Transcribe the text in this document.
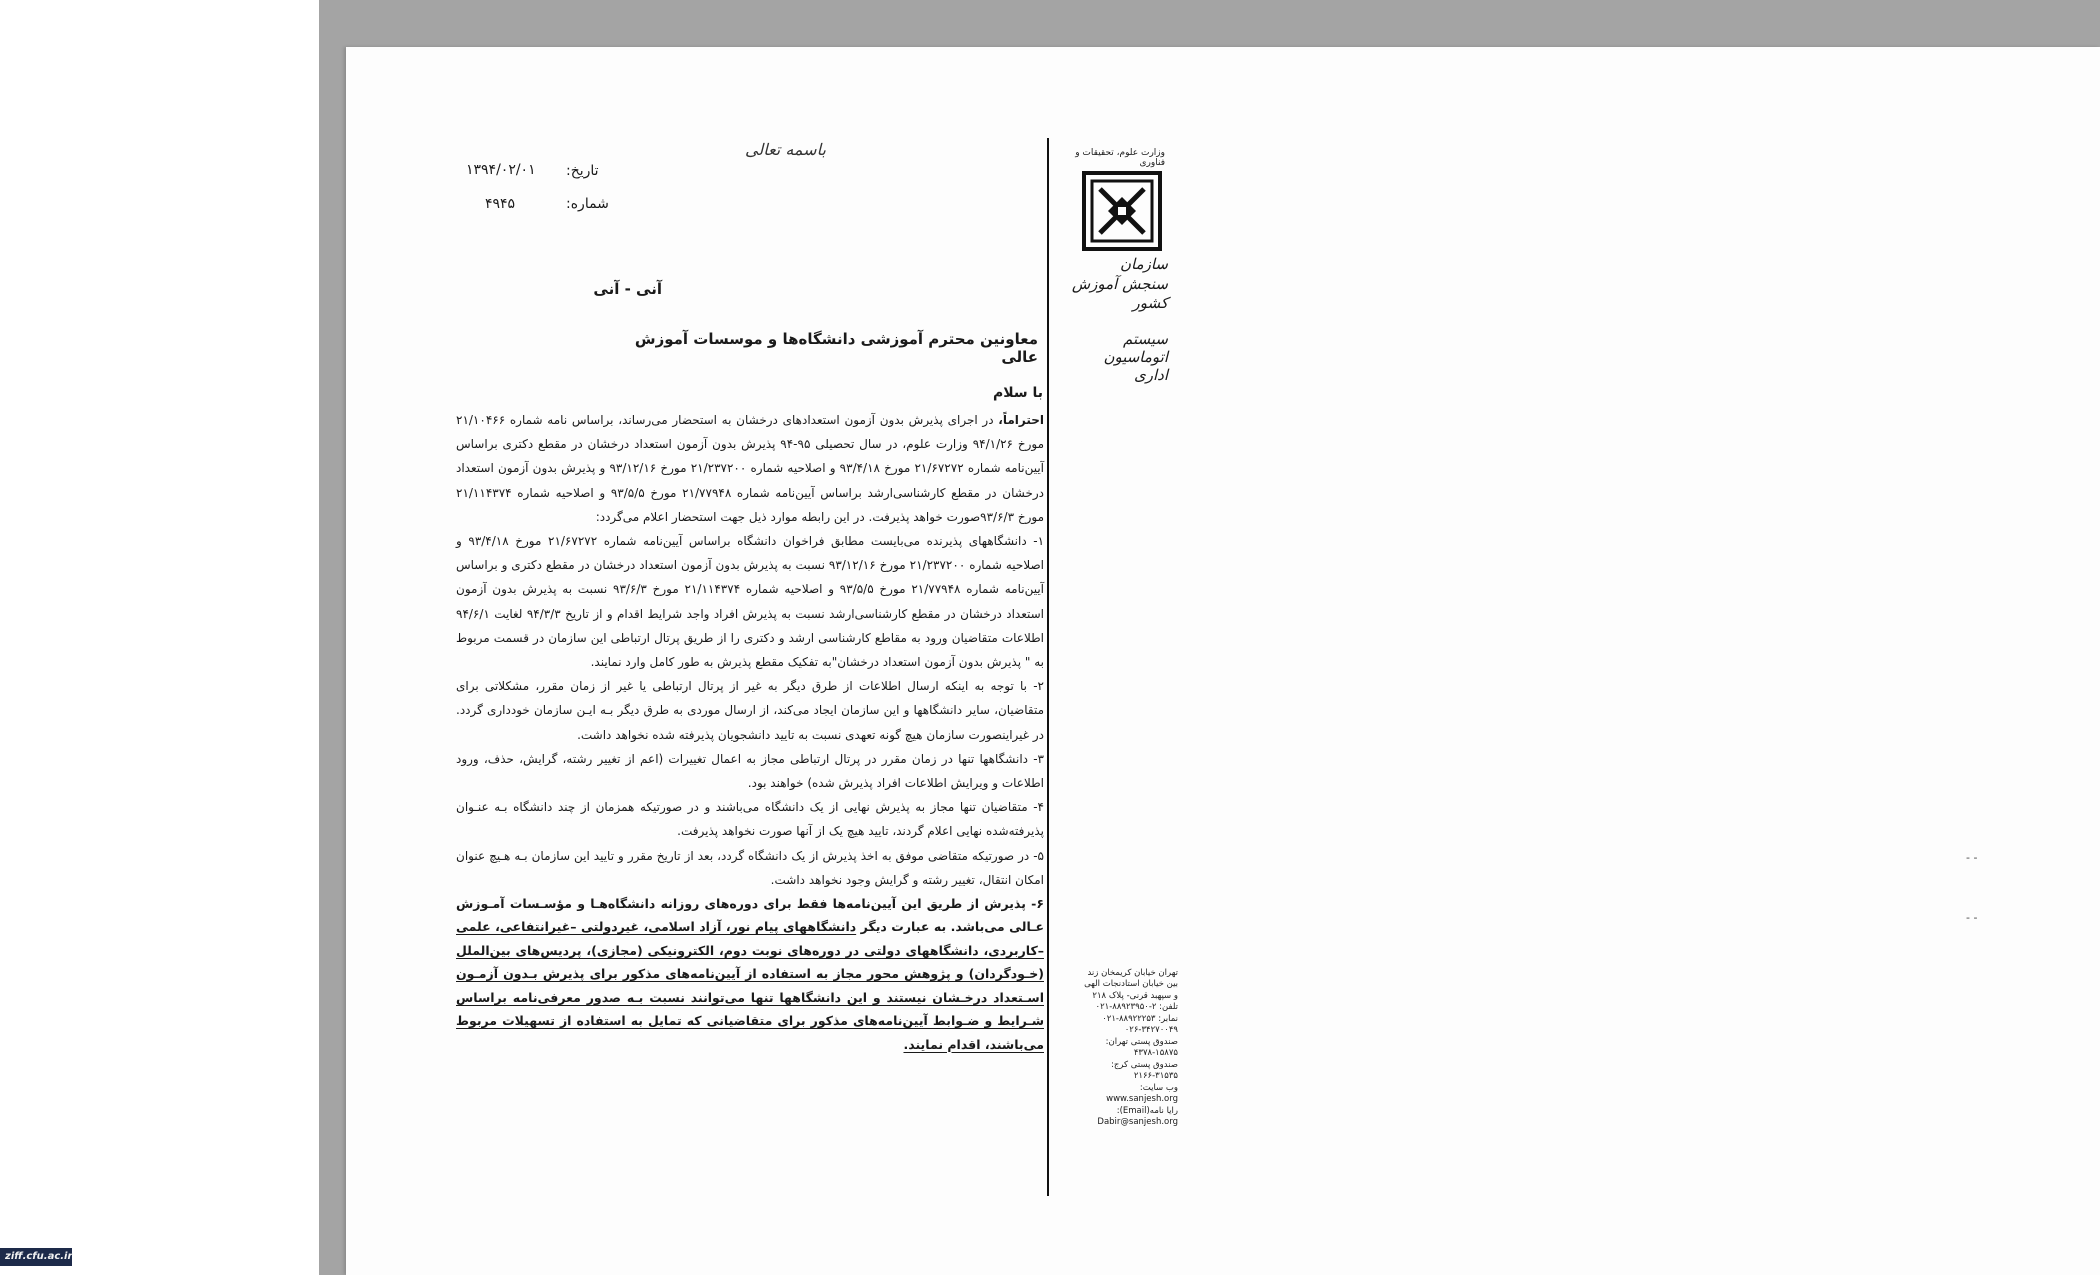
باسمه تعالی
تاریخ:
۱۳۹۴/۰۲/۰۱
شماره:
۴۹۴۵
وزارت علوم، تحقیقات و فناوری
سازمان سنجش آموزش کشور
سیستم اتوماسیون اداری

تهران خیابان کریمخان زند

بین خیابان استادنجات الهی

و سپهبد قرنی- پلاک ۲۱۸

تلفن: ۲-۸۸۹۲۳۹۵۰-۰۲۱

نمابر: ۸۸۹۲۲۲۵۳-۰۲۱

۰۲۶-۳۴۲۷۰۰۴۹

صندوق پستی تهران:

۴۳۷۸-۱۵۸۷۵

صندوق پستی کرج:

۲۱۶۶-۳۱۵۳۵

وب سایت:

www.sanjesh.org

رایا نامه(Email):

Dabir@sanjesh.org

آنی - آنی
معاونین محترم آموزشی دانشگاه‌ها و موسسات آموزش عالی
با سلام

احتراماً، در اجرای پذیرش بدون آزمون استعدادهای درخشان به استحضار می‌رساند، براساس نامه شماره ۲۱/۱۰۴۶۶ مورخ ۹۴/۱/۲۶ وزارت علوم، در سال تحصیلی ۹۵-۹۴ پذیرش بدون آزمون استعداد درخشان در مقطع دکتری براساس آیین‌نامه شماره ۲۱/۶۷۲۷۲ مورخ ۹۳/۴/۱۸ و اصلاحیه شماره ۲۱/۲۳۷۲۰۰ مورخ ۹۳/۱۲/۱۶ و پذیرش بدون آزمون استعداد درخشان در مقطع کارشناسی‌ارشد براساس آیین‌نامه شماره ۲۱/۷۷۹۴۸ مورخ ۹۳/۵/۵ و اصلاحیه شماره ۲۱/۱۱۴۳۷۴ مورخ ۹۳/۶/۳صورت خواهد پذیرفت. در این رابطه موارد ذیل جهت استحضار اعلام می‌گردد:

۱- دانشگاههای پذیرنده می‌بایست مطابق فراخوان دانشگاه براساس آیین‌نامه شماره ۲۱/۶۷۲۷۲ مورخ ۹۳/۴/۱۸ و اصلاحیه شماره ۲۱/۲۳۷۲۰۰ مورخ ۹۳/۱۲/۱۶ نسبت به پذیرش بدون آزمون استعداد درخشان در مقطع دکتری و براساس آیین‌نامه شماره ۲۱/۷۷۹۴۸ مورخ ۹۳/۵/۵ و اصلاحیه شماره ۲۱/۱۱۴۳۷۴ مورخ ۹۳/۶/۳ نسبت به پذیرش بدون آزمون استعداد درخشان در مقطع کارشناسی‌ارشد نسبت به پذیرش افراد واجد شرایط اقدام و از تاریخ ۹۴/۳/۳ لغایت ۹۴/۶/۱ اطلاعات متقاضیان ورود به مقاطع کارشناسی ارشد و دکتری را از طریق پرتال ارتباطی این سازمان در قسمت مربوط به " پذیرش بدون آزمون استعداد درخشان"به تفکیک مقطع پذیرش به طور کامل وارد نمایند.

۲- با توجه به اینکه ارسال اطلاعات از طرق دیگر به غیر از پرتال ارتباطی یا غیر از زمان مقرر، مشکلاتی برای متقاضیان، سایر دانشگاهها و این سازمان ایجاد می‌کند، از ارسال موردی به طرق دیگر بـه ایـن سازمان خودداری گردد. در غیراینصورت سازمان هیچ گونه تعهدی نسبت به تایید دانشجویان پذیرفته شده نخواهد داشت.

۳- دانشگاهها تنها در زمان مقرر در پرتال ارتباطی مجاز به اعمال تغییرات (اعم از تغییر رشته، گرایش، حذف، ورود اطلاعات و ویرایش اطلاعات افراد پذیرش شده) خواهند بود.

۴- متقاضیان تنها مجاز به پذیرش نهایی از یک دانشگاه می‌باشند و در صورتیکه همزمان از چند دانشگاه بـه عنـوان پذیرفته‌شده نهایی اعلام گردند، تایید هیچ یک از آنها صورت نخواهد پذیرفت.

۵- در صورتیکه متقاضی موفق به اخذ پذیرش از یک دانشگاه گردد، بعد از تاریخ مقرر و تایید این سازمان بـه هـیچ عنوان امکان انتقال، تغییر رشته و گرایش وجود نخواهد داشت.

۶- پذیرش از طریق این آیین‌نامه‌ها فقط برای دوره‌های روزانه دانشگاه‌هـا و مؤسـسات آمـوزش عـالی می‌باشد. به عبارت دیگر دانشگاههای پیام نور، آزاد اسلامی، غیردولتی –غیرانتفاعی، علمی –کاربردی، دانشگاههای دولتی در دوره‌های نوبت دوم، الکترونیکی (مجازی)، پردیس‌های بین‌الملل (خـودگردان) و پژوهش محور مجاز به استفاده از آیین‌نامه‌های مذکور برای پذیرش بـدون آزمـون اسـتعداد درخـشان نیستند و این دانشگاهها تنها می‌توانند نسبت بـه صدور معرفی‌نامه براساس شـرایط و ضـوابط آیین‌نامه‌های مذکور برای متقاضیانی که تمایل به استفاده از تسهیلات مربوط می‌باشند، اقدام نمایند.

- -

- -
ziff.cfu.ac.ir
